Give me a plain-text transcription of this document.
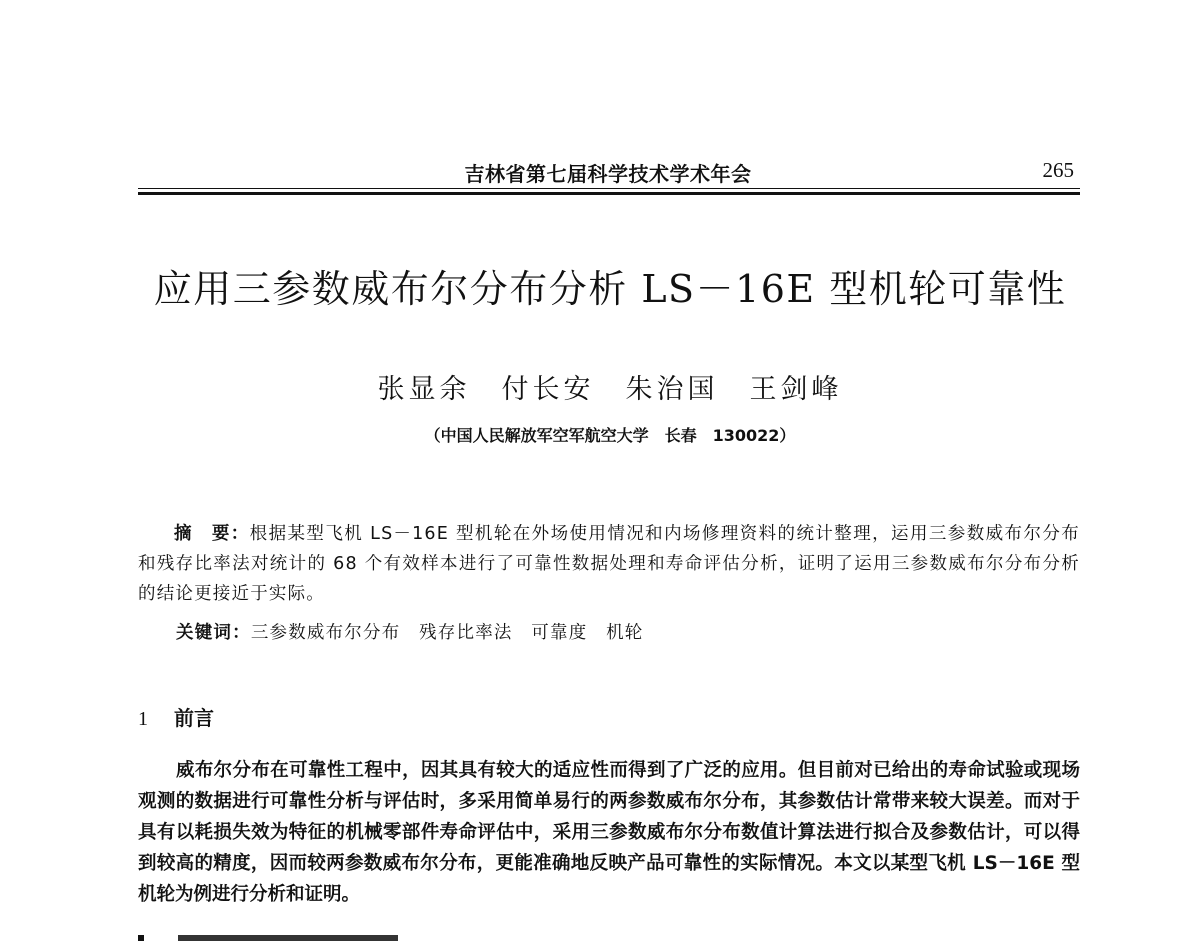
吉林省第七届科学技术学术年会	265
应用三参数威布尔分布分析 LS－16E 型机轮可靠性
张显余　付长安　朱治国　王剑峰
（中国人民解放军空军航空大学　长春　130022）
摘　要：根据某型飞机 LS－16E 型机轮在外场使用情况和内场修理资料的统计整理，运用三参数威布尔分布和残存比率法对统计的 68 个有效样本进行了可靠性数据处理和寿命评估分析，证明了运用三参数威布尔分布分析的结论更接近于实际。
关键词：三参数威布尔分布　残存比率法　可靠度　机轮
1 前言
威布尔分布在可靠性工程中，因其具有较大的适应性而得到了广泛的应用。但目前对已给出的寿命试验或现场观测的数据进行可靠性分析与评估时，多采用简单易行的两参数威布尔分布，其参数估计常带来较大误差。而对于具有以耗损失效为特征的机械零部件寿命评估中，采用三参数威布尔分布数值计算法进行拟合及参数估计，可以得到较高的精度，因而较两参数威布尔分布，更能准确地反映产品可靠性的实际情况。本文以某型飞机 LS－16E 型机轮为例进行分析和证明。
